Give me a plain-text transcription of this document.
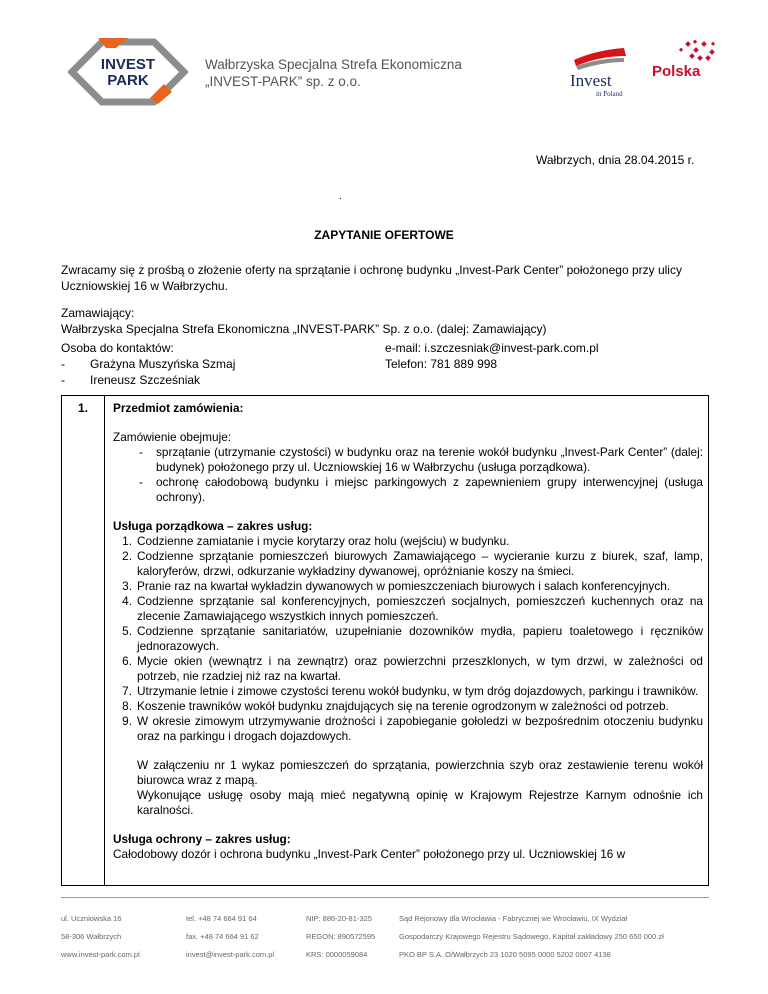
INVEST
PARK
Wałbrzyska Specjalna Strefa Ekonomiczna
„INVEST-PARK” sp. z o.o.	Invest
in Poland
Polska
Wałbrzych, dnia 28.04.2015 r.
.
ZAPYTANIE OFERTOWE
Zwracamy się z prośbą o złożenie oferty na sprzątanie i ochronę budynku „Invest-Park Center” położonego przy ulicy Uczniowskiej 16 w Wałbrzychu.
Zamawiający:
Wałbrzyska Specjalna Strefa Ekonomiczna „INVEST-PARK” Sp. z o.o. (dalej: Zamawiający)
Osoba do kontaktów:
-	Grażyna Muszyńska Szmaj
-	Ireneusz Szcześniak
e-mail: i.szczesniak@invest-park.com.pl
Telefon: 781 889 998
1. Przedmiot zamówienia:
Zamówienie obejmuje:
-	sprzątanie (utrzymanie czystości) w budynku oraz na terenie wokół budynku „Invest-Park Center” (dalej: budynek) położonego przy ul. Uczniowskiej 16 w Wałbrzychu (usługa porządkowa).
-	ochronę całodobową budynku i miejsc parkingowych z zapewnieniem grupy interwencyjnej (usługa ochrony).
Usługa porządkowa – zakres usług:
1. Codzienne zamiatanie i mycie korytarzy oraz holu (wejściu) w budynku.
2. Codzienne sprzątanie pomieszczeń biurowych Zamawiającego – wycieranie kurzu z biurek, szaf, lamp, kaloryferów, drzwi, odkurzanie wykładziny dywanowej, opróżnianie koszy na śmieci.
3. Pranie raz na kwartał wykładzin dywanowych w pomieszczeniach biurowych i salach konferencyjnych.
4. Codzienne sprzątanie sal konferencyjnych, pomieszczeń socjalnych, pomieszczeń kuchennych oraz na zlecenie Zamawiającego wszystkich innych pomieszczeń.
5. Codzienne sprzątanie sanitariatów, uzupełnianie dozowników mydła, papieru toaletowego i ręczników jednorazowych.
6. Mycie okien (wewnątrz i na zewnątrz) oraz powierzchni przeszklonych, w tym drzwi, w zależności od potrzeb, nie rzadziej niż raz na kwartał.
7. Utrzymanie letnie i zimowe czystości terenu wokół budynku, w tym dróg dojazdowych, parkingu i trawników.
8. Koszenie trawników wokół budynku znajdujących się na terenie ogrodzonym w zależności od potrzeb.
9. W okresie zimowym utrzymywanie drożności i zapobieganie gołoledzi w bezpośrednim otoczeniu budynku oraz na parkingu i drogach dojazdowych.
W załączeniu nr 1 wykaz pomieszczeń do sprzątania, powierzchnia szyb oraz zestawienie terenu wokół biurowca wraz z mapą.
Wykonujące usługę osoby mają mieć negatywną opinię w Krajowym Rejestrze Karnym odnośnie ich karalności.
Usługa ochrony – zakres usług:
Całodobowy dozór i ochrona budynku „Invest-Park Center” położonego przy ul. Uczniowskiej 16 w
ul. Uczniowska 16
58-306 Wałbrzych
www.invest-park.com.pl
tel. +48 74 664 91 64
fax. +48 74 664 91 62
invest@invest-park.com.pl
NIP: 886-20-81-325
REGON: 890572595
KRS: 0000059084
Sąd Rejonowy dla Wrocławia - Fabrycznej we Wrocławiu, IX Wydział
Gospodarczy Krajowego Rejestru Sądowego, Kapitał zakładowy 250 650 000 zł
PKO BP S.A. O/Wałbrzych 23 1020 5095 0000 5202 0007 4138
